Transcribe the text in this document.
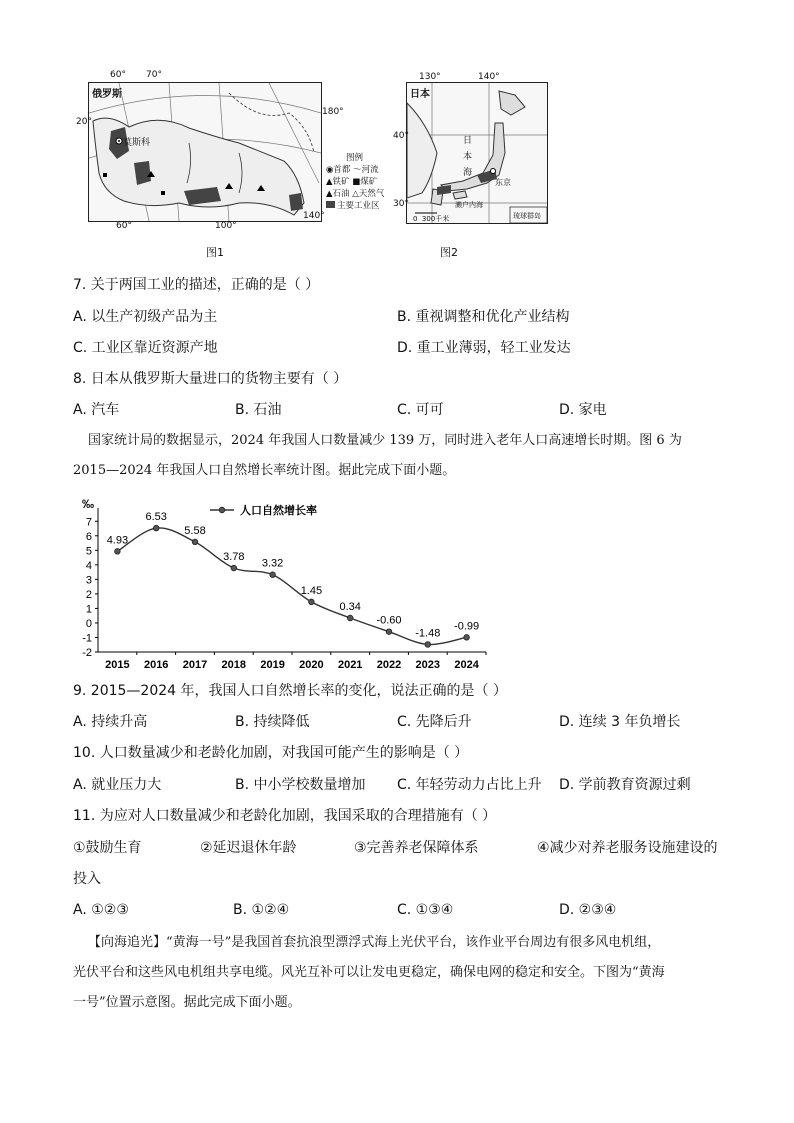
俄罗斯
莫斯科
60° 70°
20°
180°
140°
100°
60°
图例
◉首都 〜河流
▲铁矿 ■煤矿
▲石油 △天然气
主要工业区
图1
日本
日
本
海
东京
濑户内海
0  300千米	琉球群岛
130°	140°
40°
30°
图2
7. 关于两国工业的描述，正确的是（ ）
A. 以生产初级产品为主	B. 重视调整和优化产业结构
C. 工业区靠近资源产地	D. 重工业薄弱，轻工业发达
8. 日本从俄罗斯大量进口的货物主要有（ ）
A. 汽车	B. 石油	C. 可可	D. 家电
国家统计局的数据显示，2024 年我国人口数量减少 139 万，同时进入老年人口高速增长时期。图 6 为
2015—2024 年我国人口自然增长率统计图。据此完成下面小题。
‰
7
6
5
4
3
2
1
0
-1
-2
2015 2016 2017 2018 2019 2020 2021 2022 2023 2024
4.93
6.53
5.58
3.78
3.32
1.45
0.34
-0.60
-1.48
-0.99
人口自然增长率
9. 2015—2024 年，我国人口自然增长率的变化，说法正确的是（ ）
A. 持续升高	B. 持续降低	C. 先降后升	D. 连续 3 年负增长
10. 人口数量减少和老龄化加剧，对我国可能产生的影响是（ ）
A. 就业压力大	B. 中小学校数量增加 C. 年轻劳动力占比上升 D. 学前教育资源过剩
11. 为应对人口数量减少和老龄化加剧，我国采取的合理措施有（ ）
①鼓励生育	②延迟退休年龄	③完善养老保障体系	④减少对养老服务设施建设的
投入
A. ①②③	B. ①②④	C. ①③④	D. ②③④
【向海追光】“黄海一号”是我国首套抗浪型漂浮式海上光伏平台，该作业平台周边有很多风电机组，
光伏平台和这些风电机组共享电缆。风光互补可以让发电更稳定，确保电网的稳定和安全。下图为“黄海
一号”位置示意图。据此完成下面小题。
